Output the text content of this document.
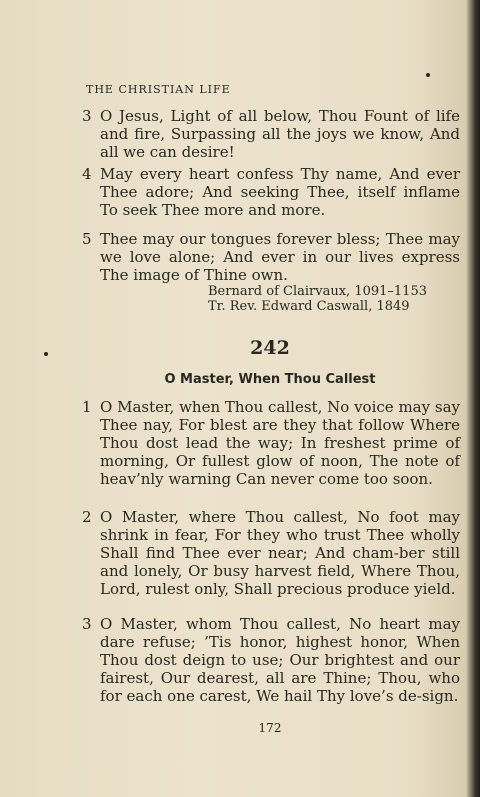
THE CHRISTIAN LIFE
3 O Jesus, Light of all below, Thou Fount of life and fire, Surpassing all the joys we know, And all we can desire!
4 May every heart confess Thy name, And ever Thee adore; And seeking Thee, itself inflame To seek Thee more and more.
5 Thee may our tongues forever bless; Thee may we love alone; And ever in our lives express The image of Thine own.
Bernard of Clairvaux, 1091–1153
Tr. Rev. Edward Caswall, 1849
242
O Master, When Thou Callest
1 O Master, when Thou callest, No voice may say Thee nay, For blest are they that follow Where Thou dost lead the way; In freshest prime of morning, Or fullest glow of noon, The note of heav’nly warning Can never come too soon.
2 O Master, where Thou callest, No foot may shrink in fear, For they who trust Thee wholly Shall find Thee ever near; And cham-ber still and lonely, Or busy harvest field, Where Thou, Lord, rulest only, Shall precious produce yield.
3 O Master, whom Thou callest, No heart may dare refuse; ’Tis honor, highest honor, When Thou dost deign to use; Our brightest and our fairest, Our dearest, all are Thine; Thou, who for each one carest, We hail Thy love’s de-sign.
172
